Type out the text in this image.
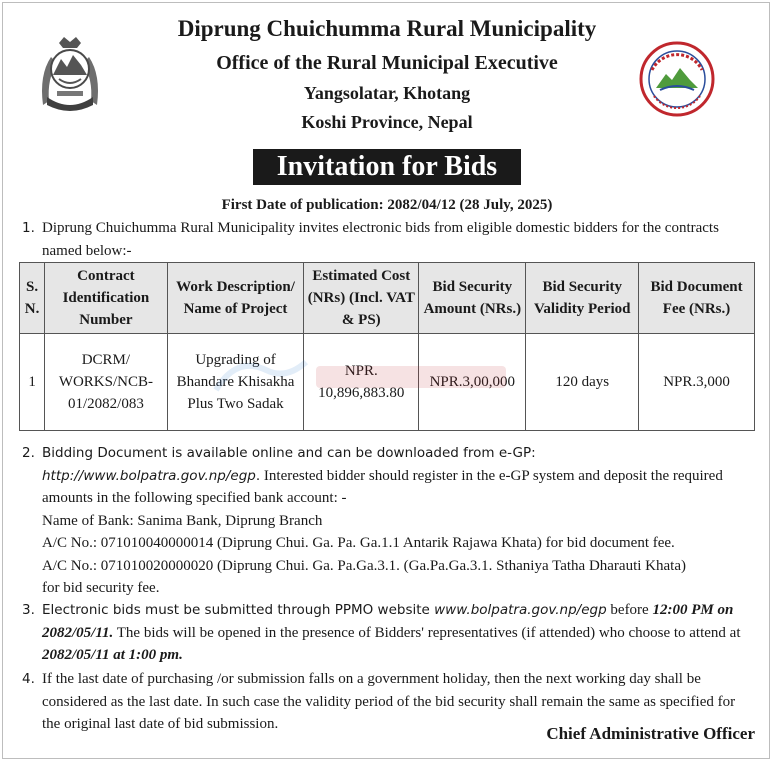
Diprung Chuichumma Rural Municipality
Office of the Rural Municipal Executive
Yangsolatar, Khotang
Koshi Province, Nepal
Invitation for Bids
First Date of publication: 2082/04/12 (28 July, 2025)
1. Diprung Chuichumma Rural Municipality invites electronic bids from eligible domestic bidders for the contracts named below:-
S. N.	Contract Identification Number	Work Description/ Name of Project	Estimated Cost (NRs) (Incl. VAT & PS)	Bid Security Amount (NRs.)	Bid Security Validity Period	Bid Document Fee (NRs.)
1	DCRM/ WORKS/NCB-01/2082/083	Upgrading of Bhandare Khisakha Plus Two Sadak	NPR. 10,896,883.80	NPR.3,00,000	120 days	NPR.3,000
2. Bidding Document is available online and can be downloaded from e-GP: http://www.bolpatra.gov.np/egp. Interested bidder should register in the e-GP system and deposit the required amounts in the following specified bank account: -
Name of Bank: Sanima Bank, Diprung Branch
A/C No.: 071010040000014 (Diprung Chui. Ga. Pa. Ga.1.1 Antarik Rajawa Khata) for bid document fee.
A/C No.: 071010020000020 (Diprung Chui. Ga. Pa.Ga.3.1. (Ga.Pa.Ga.3.1. Sthaniya Tatha Dharauti Khata)
for bid security fee.
3. Electronic bids must be submitted through PPMO website www.bolpatra.gov.np/egp before 12:00 PM on 2082/05/11. The bids will be opened in the presence of Bidders' representatives (if attended) who choose to attend at 2082/05/11 at 1:00 pm.
4. If the last date of purchasing /or submission falls on a government holiday, then the next working day shall be considered as the last date. In such case the validity period of the bid security shall remain the same as specified for the original last date of bid submission.	Chief Administrative Officer
